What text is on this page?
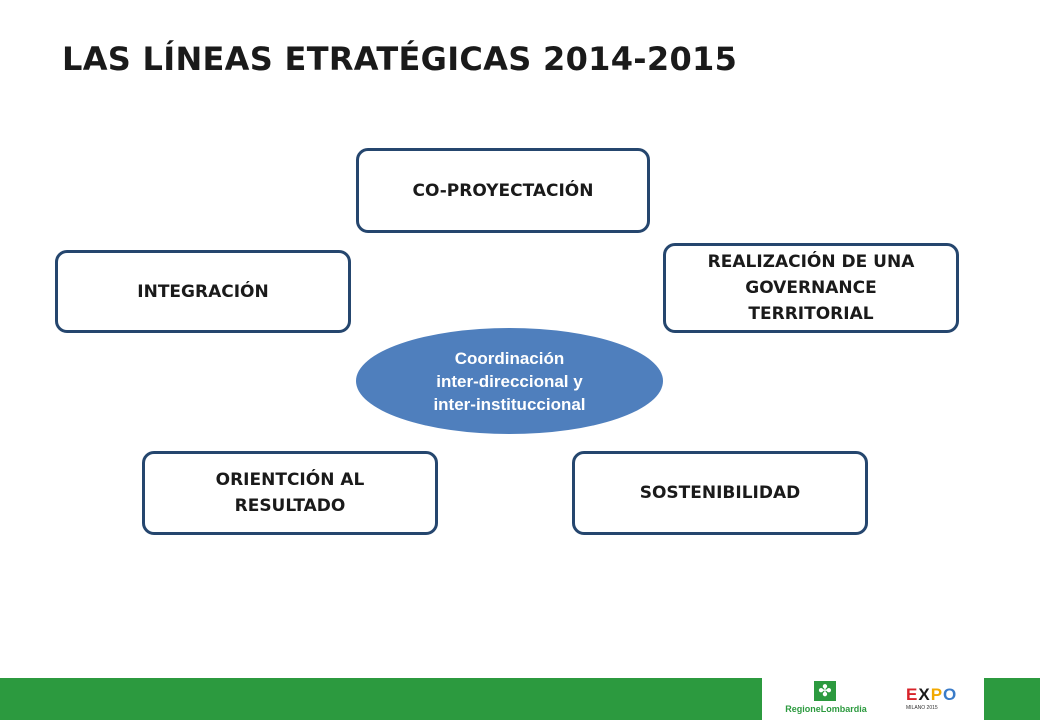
LAS LÍNEAS ETRATÉGICAS 2014-2015
CO-PROYECTACIÓN
INTEGRACIÓN
REALIZACIÓN DE UNA
GOVERNANCE
TERRITORIAL
Coordinación
inter-direccional y
inter-instituccional
ORIENTCIÓN AL
RESULTADO
SOSTENIBILIDAD
✤
RegioneLombardia
EXPO
MILANO 2015
